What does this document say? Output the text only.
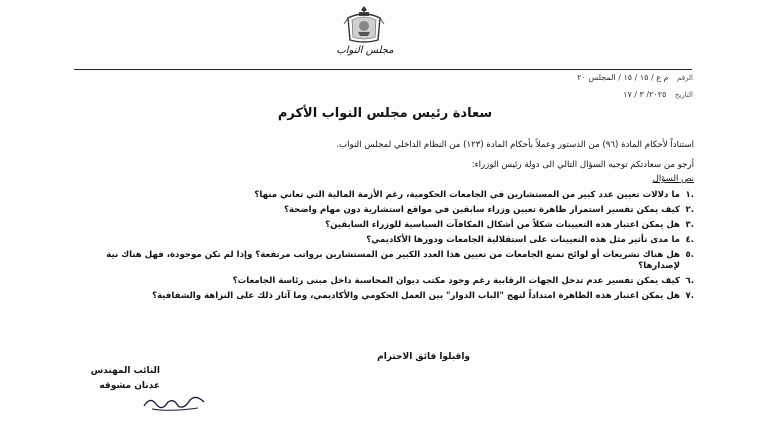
مجلس النواب
الرقم م ع / ١٥ / ١٥ / المجلس ٢٠
التاريخ ٢٠٢٥/ ٣ / ١٧
سعادة رئيس مجلس النواب الأكرم

استناداً لأحكام المادة (٩٦) من الدستور وعملاً بأحكام المادة (١٢٣) من النظام الداخلي لمجلس النواب.

أرجو من سعادتكم توجيه السؤال التالي الى دولة رئيس الوزراء:

نص السؤال
.١
ما دلالات تعيين عدد كبير من المستشارين في الجامعات الحكومية، رغم الأزمة المالية التي تعاني منها؟
.٢
كيف يمكن تفسير استمرار ظاهرة تعيين وزراء سابقين في مواقع استشارية دون مهام واضحة؟
.٣
هل يمكن اعتبار هذه التعيينات شكلاً من أشكال المكافآت السياسية للوزراء السابقين؟
.٤
ما مدى تأثير مثل هذه التعيينات على استقلالية الجامعات ودورها الأكاديمي؟
.٥
هل هناك تشريعات أو لوائح تمنع الجامعات من تعيين هذا العدد الكبير من المستشارين برواتب مرتفعة؟ وإذا لم تكن موجودة، فهل هناك نية لإصدارها؟
.٦
كيف يمكن تفسير عدم تدخل الجهات الرقابية رغم وجود مكتب ديوان المحاسبة داخل مبنى رئاسة الجامعات؟
.٧
هل يمكن اعتبار هذه الظاهرة امتداداً لنهج "الباب الدوار" بين العمل الحكومي والأكاديمي، وما آثار ذلك على النزاهة والشفافية؟
واقبلوا فائق الاحترام
النائب المهندس
عدنان مشوقه
